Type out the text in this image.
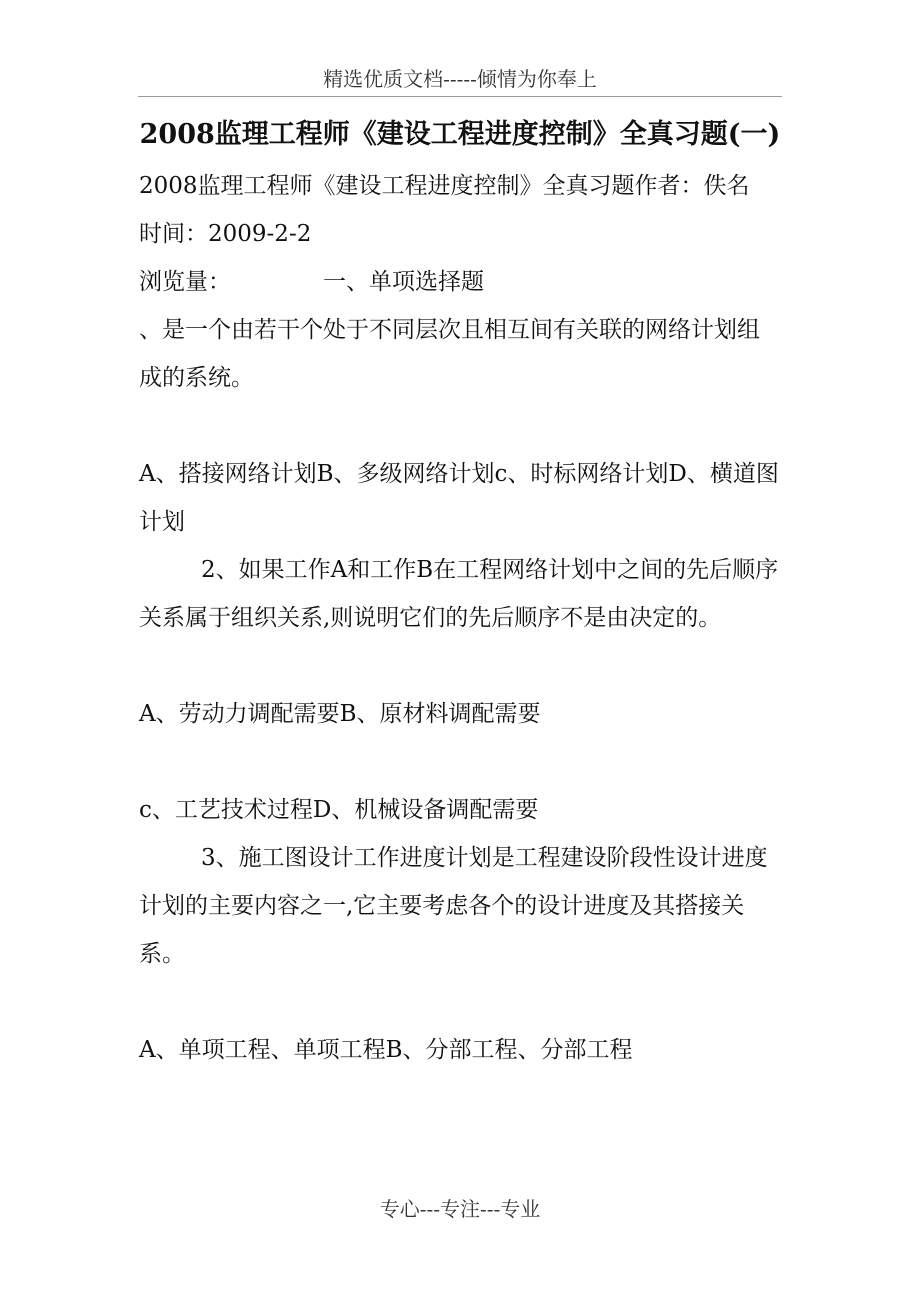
精选优质文档-----倾情为你奉上
2008监理工程师《建设工程进度控制》全真习题(一)

2008监理工程师《建设工程进度控制》全真习题作者：佚名

时间：2009-2-2

浏览量：	一、单项选择题

、是一个由若干个处于不同层次且相互间有关联的网络计划组成的系统。

A、搭接网络计划B、多级网络计划c、时标网络计划D、横道图计划

2、如果工作A和工作B在工程网络计划中之间的先后顺序关系属于组织关系,则说明它们的先后顺序不是由决定的。

A、劳动力调配需要B、原材料调配需要

c、工艺技术过程D、机械设备调配需要

3、施工图设计工作进度计划是工程建设阶段性设计进度计划的主要内容之一,它主要考虑各个的设计进度及其搭接关系。

A、单项工程、单项工程B、分部工程、分部工程

专心---专注---专业
